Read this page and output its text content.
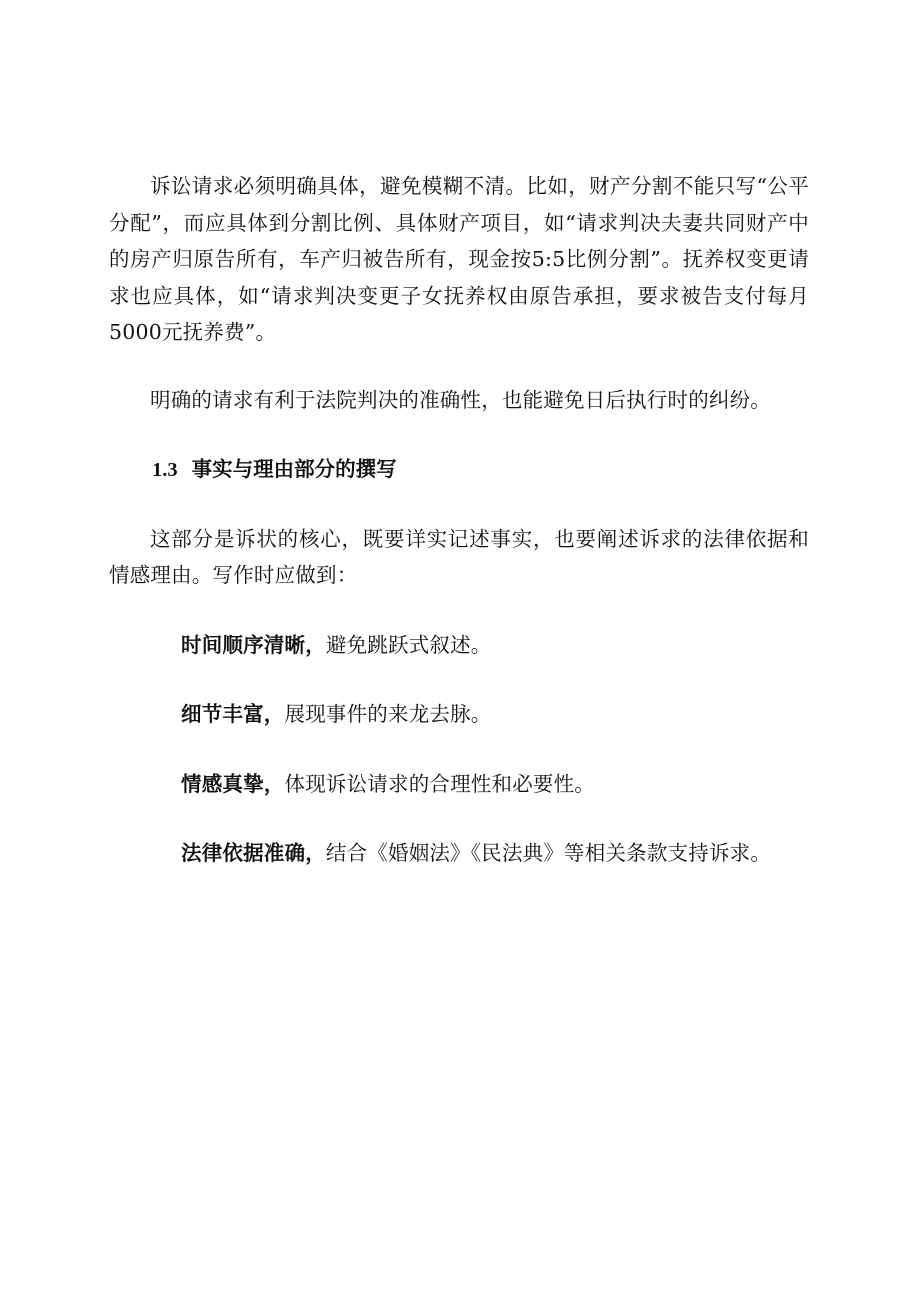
诉讼请求必须明确具体，避免模糊不清。比如，财产分割不能只写“公平分配”，而应具体到分割比例、具体财产项目，如“请求判决夫妻共同财产中的房产归原告所有，车产归被告所有，现金按5:5比例分割”。抚养权变更请求也应具体，如“请求判决变更子女抚养权由原告承担，要求被告支付每月5000元抚养费”。

明确的请求有利于法院判决的准确性，也能避免日后执行时的纠纷。

1.3 事实与理由部分的撰写

这部分是诉状的核心，既要详实记述事实，也要阐述诉求的法律依据和情感理由。写作时应做到：

时间顺序清晰，避免跳跃式叙述。

细节丰富，展现事件的来龙去脉。

情感真挚，体现诉讼请求的合理性和必要性。

法律依据准确，结合《婚姻法》《民法典》等相关条款支持诉求。
